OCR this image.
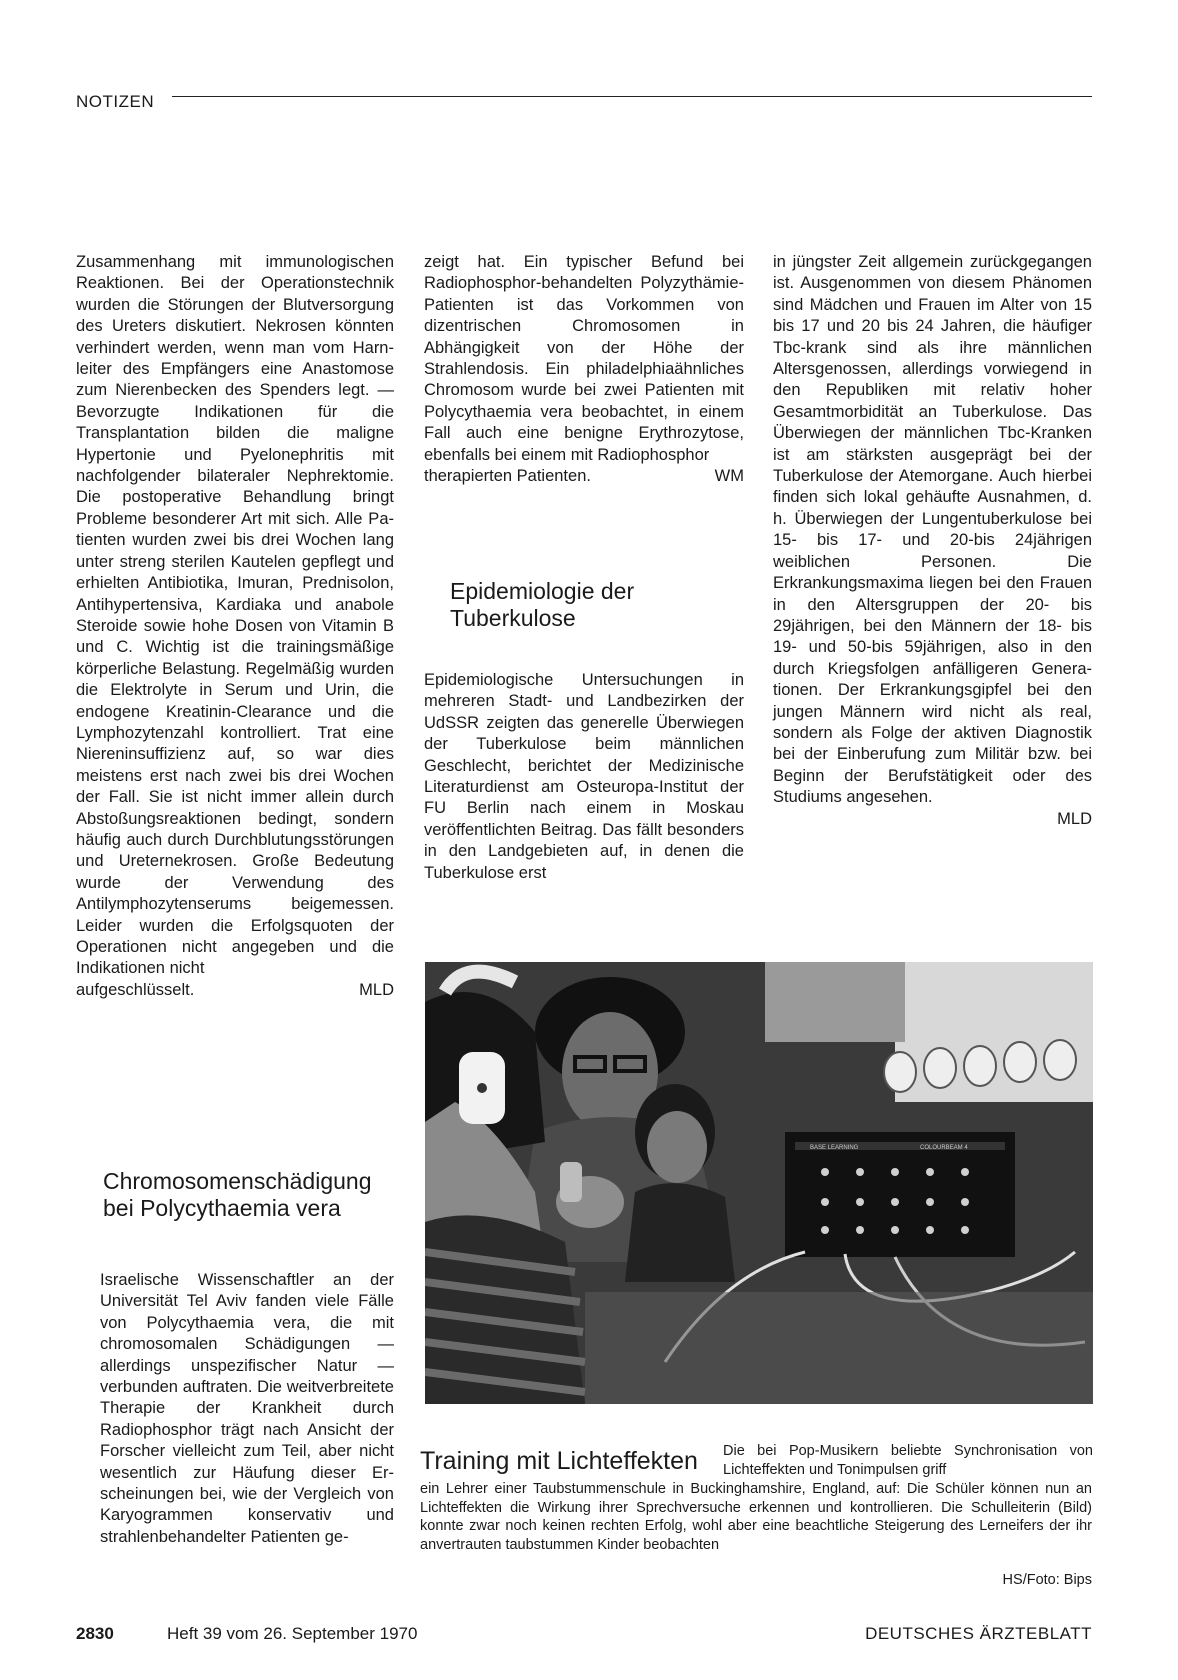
NOTIZEN

Zusammenhang mit immunologischen Reaktionen. Bei der Operationstechnik wurden die Störungen der Blutversorgung des Ureters diskutiert. Nekrosen könnten verhindert werden, wenn man vom Harnleiter des Empfängers eine Anastomose zum Nierenbecken des Spenders legt. — Bevorzugte Indikationen für die Transplantation bilden die maligne Hypertonie und Pyelonephritis mit nachfolgender bilateraler Nephrektomie. Die postoperative Behandlung bringt Probleme besonderer Art mit sich. Alle Patienten wurden zwei bis drei Wochen lang unter streng sterilen Kautelen gepflegt und erhielten Antibiotika, Imuran, Prednisolon, Antihypertensiva, Kardiaka und anabole Steroide sowie hohe Dosen von Vitamin B und C. Wichtig ist die trainingsmäßige körperliche Belastung. Regelmäßig wurden die Elektrolyte in Serum und Urin, die endogene Kreatinin-Clearance und die Lymphozytenzahl kontrolliert. Trat eine Niereninsuffizienz auf, so war dies meistens erst nach zwei bis drei Wochen der Fall. Sie ist nicht immer allein durch Abstoßungsreaktionen bedingt, sondern häufig auch durch Durchblutungsstörungen und Ureternekrosen. Große Bedeutung wurde der Verwendung des Antilymphozytenserums beigemessen. Leider wurden die Erfolgsquoten der Operationen nicht angegeben und die Indikationen nicht

aufgeschlüsselt.	MLD

zeigt hat. Ein typischer Befund bei Radiophosphor-behandelten Polyzythämie-Patienten ist das Vorkommen von dizentrischen Chromosomen in Abhängigkeit von der Höhe der Strahlendosis. Ein philadelphiaähnliches Chromosom wurde bei zwei Patienten mit Polycythaemia vera beobachtet, in einem Fall auch eine benigne Erythrozytose, ebenfalls bei einem mit Radiophosphor

therapierten Patienten.	WM
Epidemiologie der Tuberkulose

Epidemiologische Untersuchungen in mehreren Stadt- und Landbezirken der UdSSR zeigten das generelle Überwiegen der Tuberkulose beim männlichen Geschlecht, berichtet der Medizinische Literaturdienst am Osteuropa-Institut der FU Berlin nach einem in Moskau veröffentlichten Beitrag. Das fällt besonders in den Landgebieten auf, in denen die Tuberkulose erst

in jüngster Zeit allgemein zurückgegangen ist. Ausgenommen von diesem Phänomen sind Mädchen und Frauen im Alter von 15 bis 17 und 20 bis 24 Jahren, die häufiger Tbc-krank sind als ihre männlichen Altersgenossen, allerdings vorwiegend in den Republiken mit relativ hoher Gesamtmorbidität an Tuberkulose. Das Überwiegen der männlichen Tbc-Kranken ist am stärksten ausgeprägt bei der Tuberkulose der Atemorgane. Auch hierbei finden sich lokal gehäufte Ausnahmen, d. h. Überwiegen der Lungentuberkulose bei 15- bis 17- und 20-bis 24jährigen weiblichen Personen. Die Erkrankungsmaxima liegen bei den Frauen in den Altersgruppen der 20- bis 29jährigen, bei den Männern der 18- bis 19- und 50-bis 59jährigen, also in den durch Kriegsfolgen anfälligeren Generationen. Der Erkrankungsgipfel bei den jungen Männern wird nicht als real, sondern als Folge der aktiven Diagnostik bei der Einberufung zum Militär bzw. bei Beginn der Berufstätigkeit oder des Studiums angesehen.

MLD
Chromosomenschädigung bei Polycythaemia vera

Israelische Wissenschaftler an der Universität Tel Aviv fanden viele Fälle von Polycythaemia vera, die mit chromosomalen Schädigungen — allerdings unspezifischer Natur — verbunden auftraten. Die weitverbreitete Therapie der Krankheit durch Radiophosphor trägt nach Ansicht der Forscher vielleicht zum Teil, aber nicht wesentlich zur Häufung dieser Erscheinungen bei, wie der Vergleich von Karyogrammen konservativ und strahlenbehandelter Patienten ge-

BASE LEARNING	COLOURBEAM 4
Training mit Lichteffekten Die bei Pop-Musikern beliebte Synchronisation von Lichteffekten und Tonimpulsen griff
ein Lehrer einer Taubstummenschule in Buckinghamshire, England, auf: Die Schüler können nun an Lichteffekten die Wirkung ihrer Sprechversuche erkennen und kontrollieren. Die Schulleiterin (Bild) konnte zwar noch keinen rechten Erfolg, wohl aber eine beachtliche Steigerung des Lerneifers der ihr anvertrauten taubstummen Kinder beobachten
HS/Foto: Bips
2830	Heft 39 vom 26. September 1970	DEUTSCHES ÄRZTEBLATT
